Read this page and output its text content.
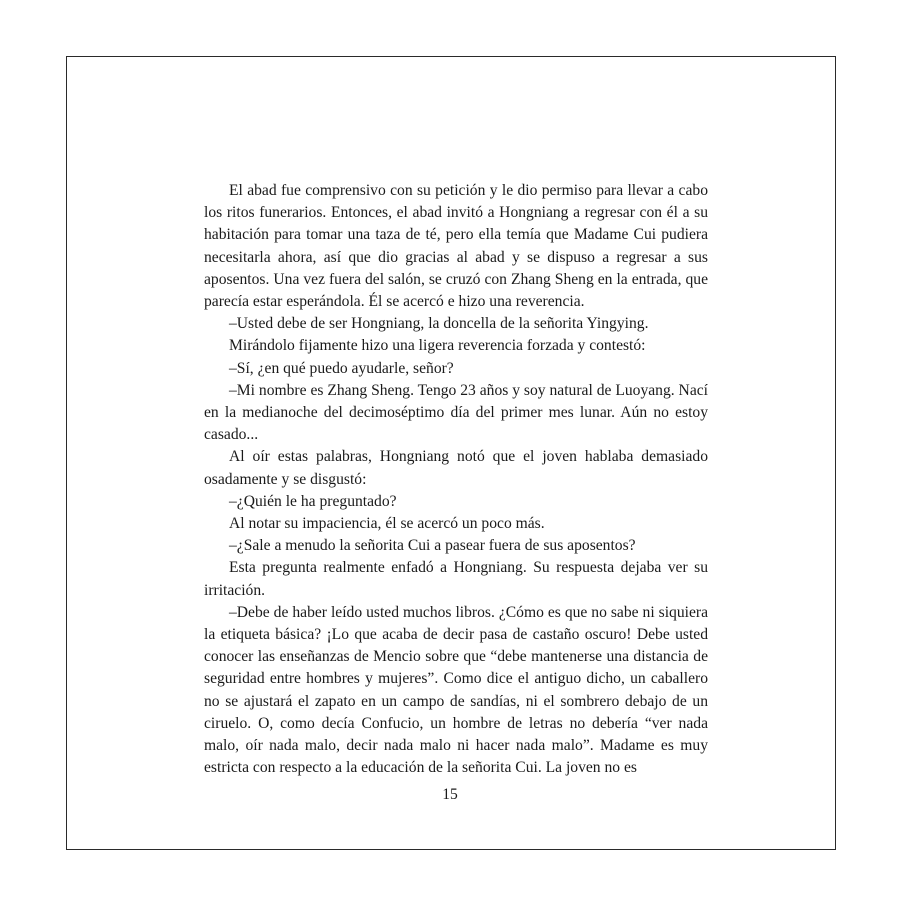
El abad fue comprensivo con su petición y le dio permiso para llevar a cabo los ritos funerarios. Entonces, el abad invitó a Hongniang a regresar con él a su habitación para tomar una taza de té, pero ella temía que Madame Cui pudiera necesitarla ahora, así que dio gracias al abad y se dispuso a regresar a sus aposentos. Una vez fuera del salón, se cruzó con Zhang Sheng en la entrada, que parecía estar esperándola. Él se acercó e hizo una reverencia.

–Usted debe de ser Hongniang, la doncella de la señorita Yingying.

Mirándolo fijamente hizo una ligera reverencia forzada y contestó:

–Sí, ¿en qué puedo ayudarle, señor?

–Mi nombre es Zhang Sheng. Tengo 23 años y soy natural de Luoyang. Nací en la medianoche del decimoséptimo día del primer mes lunar. Aún no estoy casado...

Al oír estas palabras, Hongniang notó que el joven hablaba demasiado osadamente y se disgustó:

–¿Quién le ha preguntado?

Al notar su impaciencia, él se acercó un poco más.

–¿Sale a menudo la señorita Cui a pasear fuera de sus aposentos?

Esta pregunta realmente enfadó a Hongniang. Su respuesta dejaba ver su irritación.

–Debe de haber leído usted muchos libros. ¿Cómo es que no sabe ni siquiera la etiqueta básica? ¡Lo que acaba de decir pasa de castaño oscuro! Debe usted conocer las enseñanzas de Mencio sobre que “debe mantenerse una distancia de seguridad entre hombres y mujeres”. Como dice el antiguo dicho, un caballero no se ajustará el zapato en un campo de sandías, ni el sombrero debajo de un ciruelo. O, como decía Confucio, un hombre de letras no debería “ver nada malo, oír nada malo, decir nada malo ni hacer nada malo”. Madame es muy estricta con respecto a la educación de la señorita Cui. La joven no es

15
